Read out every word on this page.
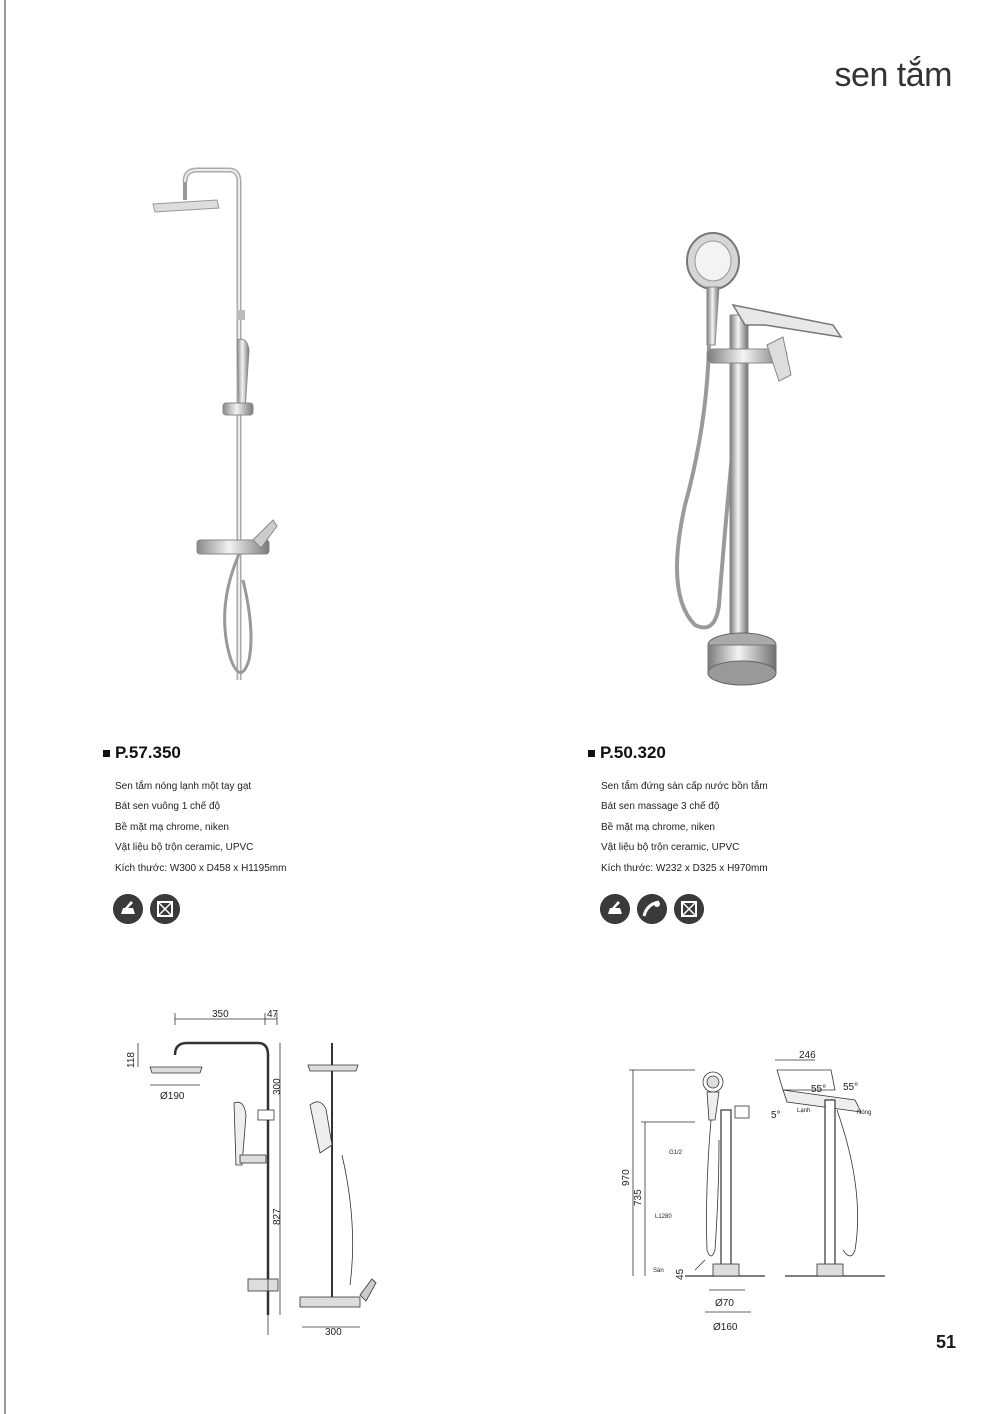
sen tắm
P.57.350
Sen tắm nóng lạnh một tay gạt
Bát sen vuông 1 chế độ
Bề mặt mạ chrome, niken
Vật liệu bộ trộn ceramic, UPVC
Kích thước: W300 x D458 x H1195mm
P.50.320
Sen tắm đứng sàn cấp nước bồn tắm
Bát sen massage 3 chế độ
Bề mặt mạ chrome, niken
Vật liệu bộ trộn ceramic, UPVC
Kích thước: W232 x D325 x H970mm
350	47
118
300
Ø190
827
300
970
735
G1/2
L1280
Sàn 45
Ø70
Ø160
246
55° 55°
5°	Lạnh	Nóng
51
